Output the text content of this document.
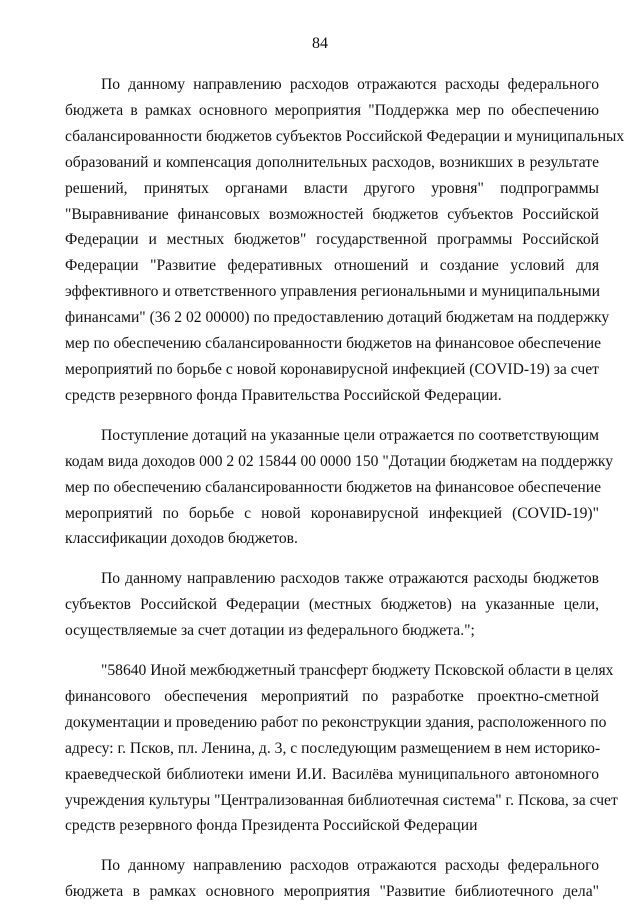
84
По данному направлению расходов отражаются расходы федерального
бюджета в рамках основного мероприятия "Поддержка мер по обеспечению
сбалансированности бюджетов субъектов Российской Федерации и муниципальных
образований и компенсация дополнительных расходов, возникших в результате
решений, принятых органами власти другого уровня" подпрограммы
"Выравнивание финансовых возможностей бюджетов субъектов Российской
Федерации и местных бюджетов" государственной программы Российской
Федерации "Развитие федеративных отношений и создание условий для
эффективного и ответственного управления региональными и муниципальными
финансами" (36 2 02 00000) по предоставлению дотаций бюджетам на поддержку
мер по обеспечению сбалансированности бюджетов на финансовое обеспечение
мероприятий по борьбе с новой коронавирусной инфекцией (COVID-19) за счет
средств резервного фонда Правительства Российской Федерации.
Поступление дотаций на указанные цели отражается по соответствующим
кодам вида доходов 000 2 02 15844 00 0000 150 "Дотации бюджетам на поддержку
мер по обеспечению сбалансированности бюджетов на финансовое обеспечение
мероприятий по борьбе с новой коронавирусной инфекцией (COVID-19)"
классификации доходов бюджетов.
По данному направлению расходов также отражаются расходы бюджетов
субъектов Российской Федерации (местных бюджетов) на указанные цели,
осуществляемые за счет дотации из федерального бюджета.";
"58640 Иной межбюджетный трансферт бюджету Псковской области в целях
финансового обеспечения мероприятий по разработке проектно-сметной
документации и проведению работ по реконструкции здания, расположенного по
адресу: г. Псков, пл. Ленина, д. 3, с последующим размещением в нем историко-
краеведческой библиотеки имени И.И. Василёва муниципального автономного
учреждения культуры "Централизованная библиотечная система" г. Пскова, за счет
средств резервного фонда Президента Российской Федерации
По данному направлению расходов отражаются расходы федерального
бюджета в рамках основного мероприятия "Развитие библиотечного дела"
